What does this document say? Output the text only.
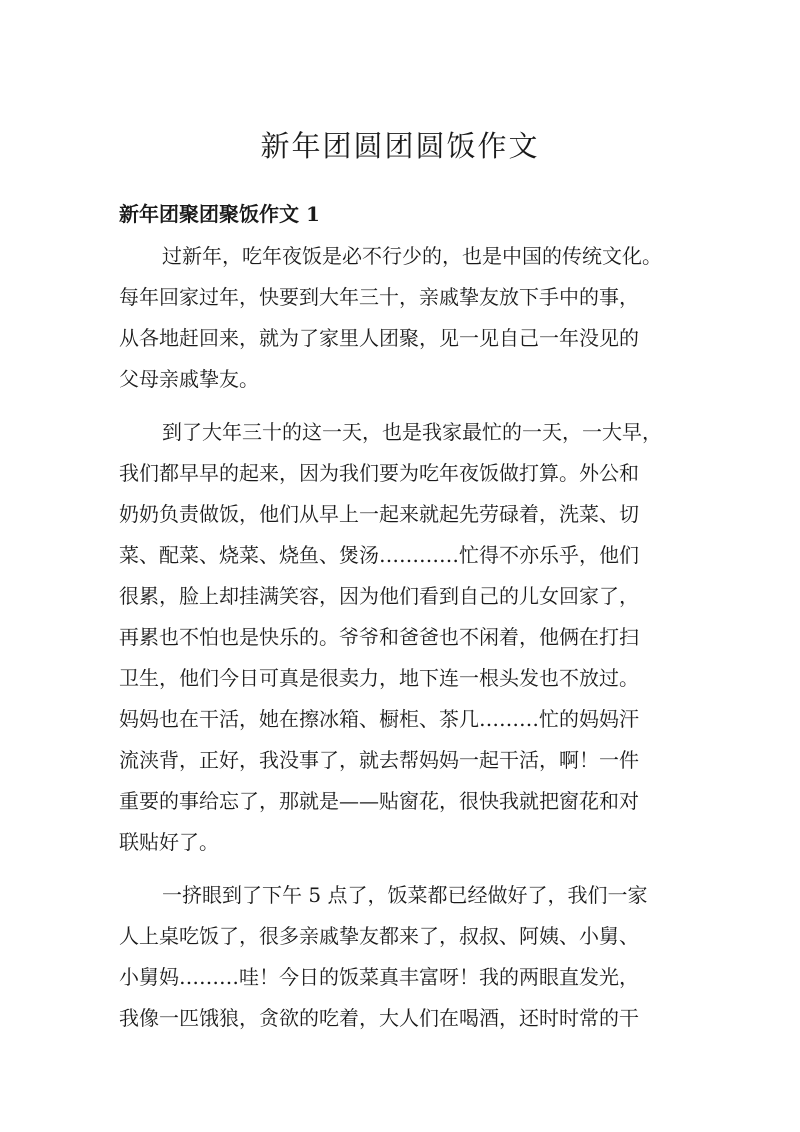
新年团圆团圆饭作文
新年团聚团聚饭作文 1
过新年，吃年夜饭是必不行少的，也是中国的传统文化。
每年回家过年，快要到大年三十，亲戚挚友放下手中的事，
从各地赶回来，就为了家里人团聚，见一见自己一年没见的
父母亲戚挚友。
到了大年三十的这一天，也是我家最忙的一天，一大早，
我们都早早的起来，因为我们要为吃年夜饭做打算。外公和
奶奶负责做饭，他们从早上一起来就起先劳碌着，洗菜、切
菜、配菜、烧菜、烧鱼、煲汤…………忙得不亦乐乎，他们
很累，脸上却挂满笑容，因为他们看到自己的儿女回家了，
再累也不怕也是快乐的。爷爷和爸爸也不闲着，他俩在打扫
卫生，他们今日可真是很卖力，地下连一根头发也不放过。
妈妈也在干活，她在擦冰箱、橱柜、茶几………忙的妈妈汗
流浃背，正好，我没事了，就去帮妈妈一起干活，啊！一件
重要的事给忘了，那就是——贴窗花，很快我就把窗花和对
联贴好了。
一挤眼到了下午 5 点了，饭菜都已经做好了，我们一家
人上桌吃饭了，很多亲戚挚友都来了，叔叔、阿姨、小舅、
小舅妈………哇！今日的饭菜真丰富呀！我的两眼直发光，
我像一匹饿狼，贪欲的吃着，大人们在喝酒，还时时常的干
